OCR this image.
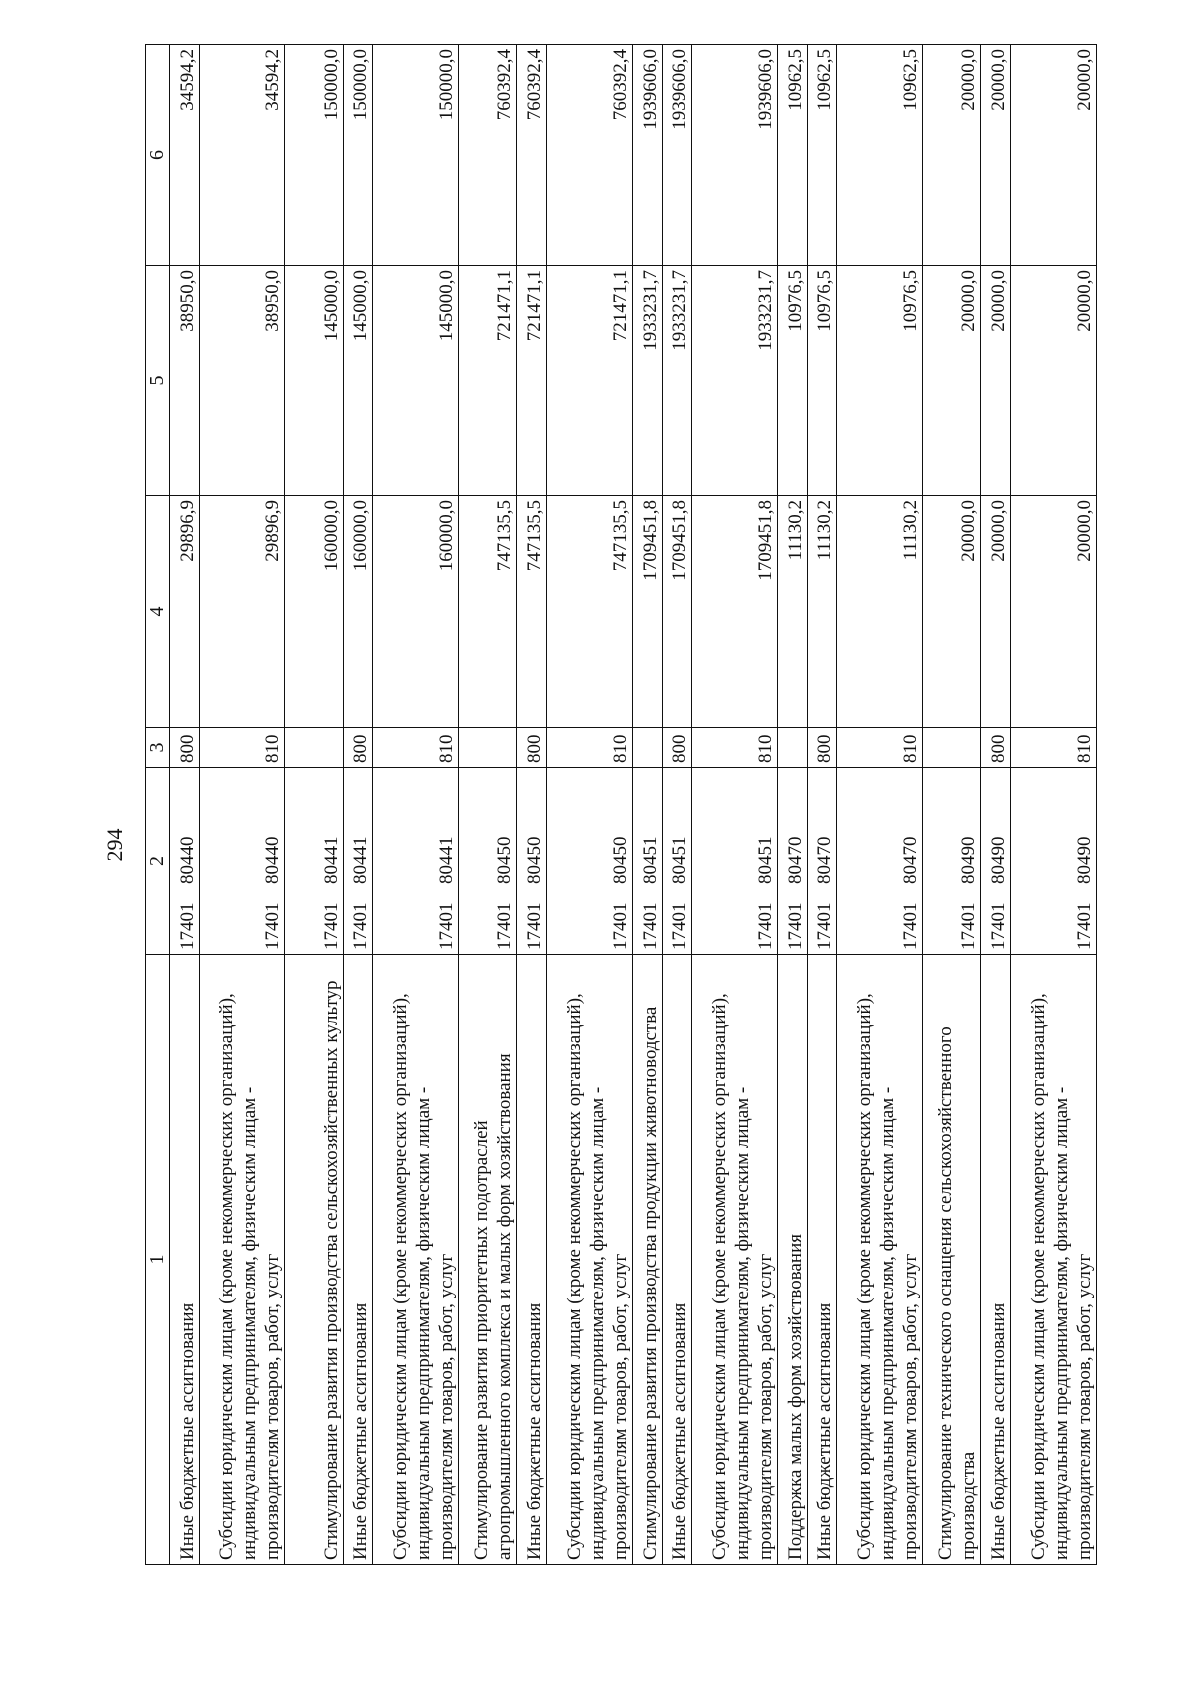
294
1	2	3	4	5	6
Иные бюджетные ассигнования	1740180440	800	29896,9	38950,0	34594,2
Субсидии юридическим лицам (кроме некоммерческих организаций), индивидуальным предпринимателям, физическим лицам - производителям товаров, работ, услуг	1740180440	810	29896,9	38950,0	34594,2
Стимулирование развития производства сельскохозяйственных культур	1740180441		160000,0	145000,0	150000,0
Иные бюджетные ассигнования	1740180441	800	160000,0	145000,0	150000,0
Субсидии юридическим лицам (кроме некоммерческих организаций), индивидуальным предпринимателям, физическим лицам - производителям товаров, работ, услуг	1740180441	810	160000,0	145000,0	150000,0
Стимулирование развития приоритетных подотраслей агропромышленного комплекса и малых форм хозяйствования	1740180450		747135,5	721471,1	760392,4
Иные бюджетные ассигнования	1740180450	800	747135,5	721471,1	760392,4
Субсидии юридическим лицам (кроме некоммерческих организаций), индивидуальным предпринимателям, физическим лицам - производителям товаров, работ, услуг	1740180450	810	747135,5	721471,1	760392,4
Стимулирование развития производства продукции животноводства	1740180451		1709451,8	1933231,7	1939606,0
Иные бюджетные ассигнования	1740180451	800	1709451,8	1933231,7	1939606,0
Субсидии юридическим лицам (кроме некоммерческих организаций), индивидуальным предпринимателям, физическим лицам - производителям товаров, работ, услуг	1740180451	810	1709451,8	1933231,7	1939606,0
Поддержка малых форм хозяйствования	1740180470		11130,2	10976,5	10962,5
Иные бюджетные ассигнования	1740180470	800	11130,2	10976,5	10962,5
Субсидии юридическим лицам (кроме некоммерческих организаций), индивидуальным предпринимателям, физическим лицам - производителям товаров, работ, услуг	1740180470	810	11130,2	10976,5	10962,5
Стимулирование технического оснащения сельскохозяйственного производства	1740180490		20000,0	20000,0	20000,0
Иные бюджетные ассигнования	1740180490	800	20000,0	20000,0	20000,0
Субсидии юридическим лицам (кроме некоммерческих организаций), индивидуальным предпринимателям, физическим лицам - производителям товаров, работ, услуг	1740180490	810	20000,0	20000,0	20000,0
